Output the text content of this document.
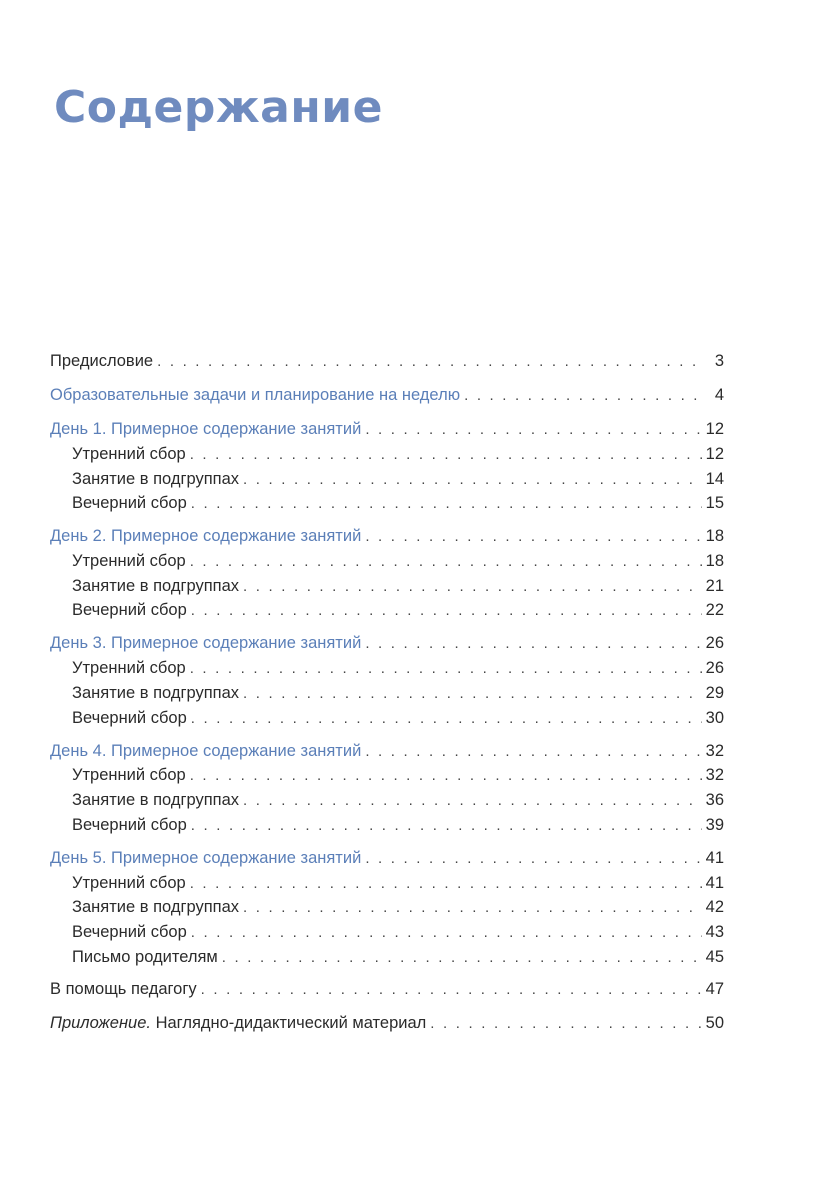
Содержание
Предисловие . . .	3
Образовательные задачи и планирование на неделю . . .	4
День 1. Примерное содержание занятий . . .	12
Утренний сбор . . .	12
Занятие в подгруппах . . .	14
Вечерний сбор . . .	15
День 2. Примерное содержание занятий . . .	18
Утренний сбор . . .	18
Занятие в подгруппах . . .	21
Вечерний сбор . . .	22
День 3. Примерное содержание занятий . . .	26
Утренний сбор . . .	26
Занятие в подгруппах . . .	29
Вечерний сбор . . .	30
День 4. Примерное содержание занятий . . .	32
Утренний сбор . . .	32
Занятие в подгруппах . . .	36
Вечерний сбор . . .	39
День 5. Примерное содержание занятий . . .	41
Утренний сбор . . .	41
Занятие в подгруппах . . .	42
Вечерний сбор . . .	43
Письмо родителям . . .	45
В помощь педагогу . . .	47
Приложение. Наглядно-дидактический материал . . .	50
